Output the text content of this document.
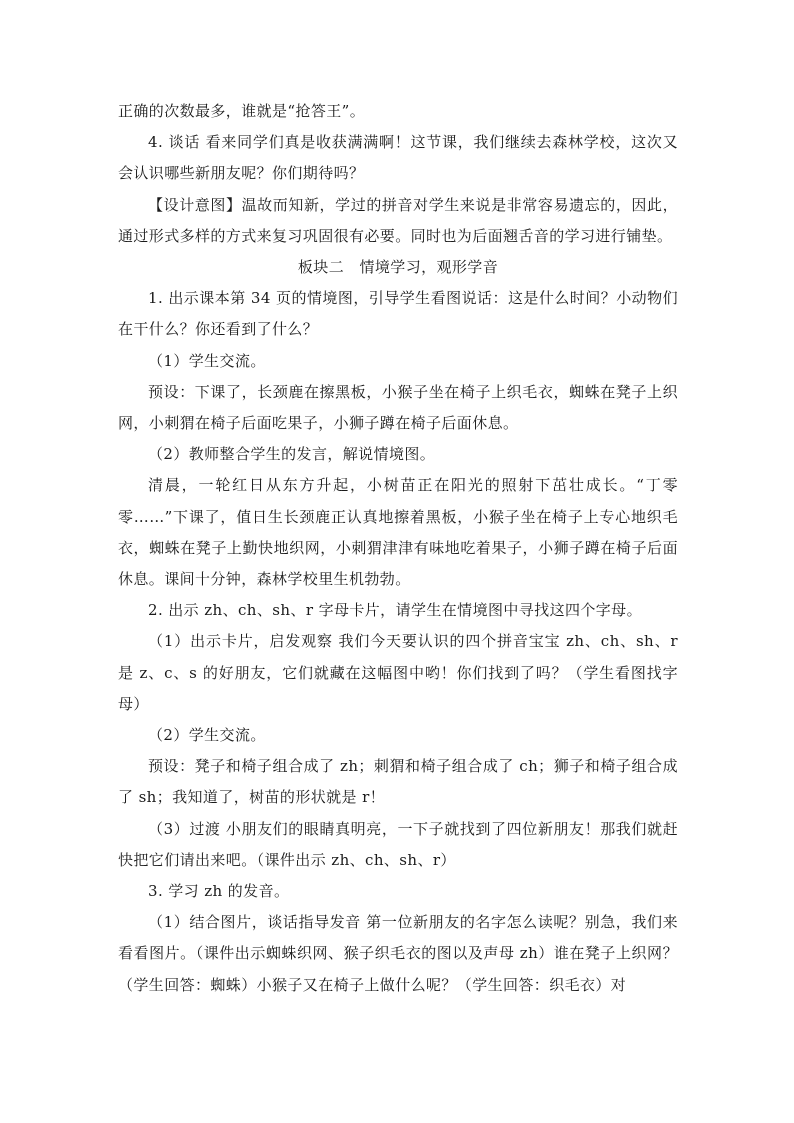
正确的次数最多，谁就是“抢答王”。

4. 谈话 看来同学们真是收获满满啊！这节课，我们继续去森林学校，这次又会认识哪些新朋友呢？你们期待吗？

【设计意图】温故而知新，学过的拼音对学生来说是非常容易遗忘的，因此，通过形式多样的方式来复习巩固很有必要。同时也为后面翘舌音的学习进行铺垫。

板块二　情境学习，观形学音

1. 出示课本第 34 页的情境图，引导学生看图说话：这是什么时间？小动物们在干什么？你还看到了什么？

（1）学生交流。

预设：下课了，长颈鹿在擦黑板，小猴子坐在椅子上织毛衣，蜘蛛在凳子上织网，小刺猬在椅子后面吃果子，小狮子蹲在椅子后面休息。

（2）教师整合学生的发言，解说情境图。

清晨，一轮红日从东方升起，小树苗正在阳光的照射下茁壮成长。“丁零零……”下课了，值日生长颈鹿正认真地擦着黑板，小猴子坐在椅子上专心地织毛衣，蜘蛛在凳子上勤快地织网，小刺猬津津有味地吃着果子，小狮子蹲在椅子后面休息。课间十分钟，森林学校里生机勃勃。

2. 出示 zh、ch、sh、r 字母卡片，请学生在情境图中寻找这四个字母。

（1）出示卡片，启发观察 我们今天要认识的四个拼音宝宝 zh、ch、sh、r 是 z、c、s 的好朋友，它们就藏在这幅图中哟！你们找到了吗？（学生看图找字母）

（2）学生交流。

预设：凳子和椅子组合成了 zh；刺猬和椅子组合成了 ch；狮子和椅子组合成了 sh；我知道了，树苗的形状就是 r！

（3）过渡 小朋友们的眼睛真明亮，一下子就找到了四位新朋友！那我们就赶快把它们请出来吧。（课件出示 zh、ch、sh、r）

3. 学习 zh 的发音。

（1）结合图片，谈话指导发音 第一位新朋友的名字怎么读呢？别急，我们来看看图片。（课件出示蜘蛛织网、猴子织毛衣的图以及声母 zh）谁在凳子上织网？（学生回答：蜘蛛）小猴子又在椅子上做什么呢？（学生回答：织毛衣）对
